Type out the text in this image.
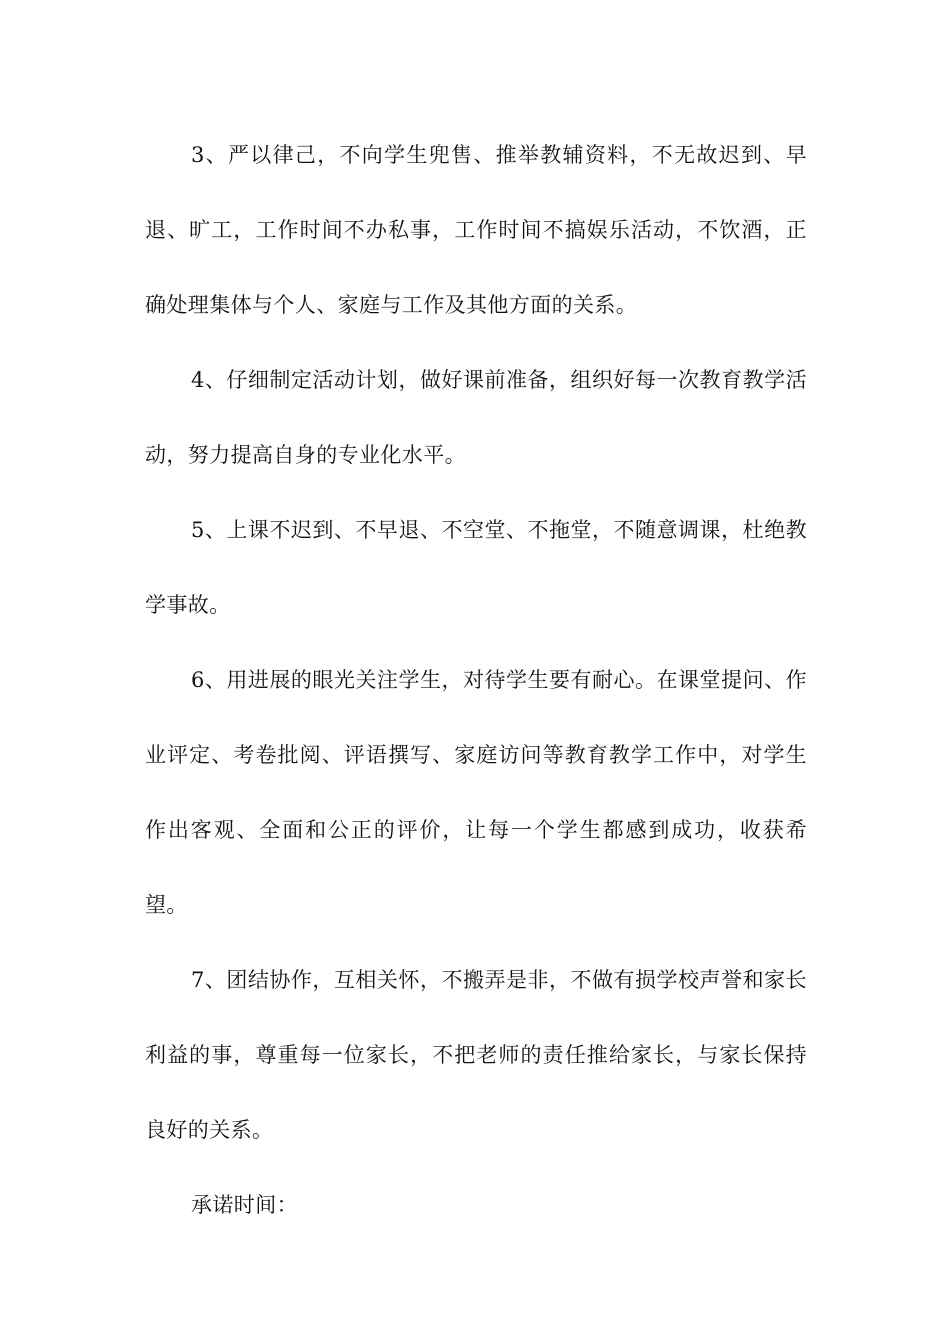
3、严以律己，不向学生兜售、推举教辅资料，不无故迟到、早退、旷工，工作时间不办私事，工作时间不搞娱乐活动，不饮酒，正确处理集体与个人、家庭与工作及其他方面的关系。

4、仔细制定活动计划，做好课前准备，组织好每一次教育教学活动，努力提高自身的专业化水平。

5、上课不迟到、不早退、不空堂、不拖堂，不随意调课，杜绝教学事故。

6、用进展的眼光关注学生，对待学生要有耐心。在课堂提问、作业评定、考卷批阅、评语撰写、家庭访问等教育教学工作中，对学生作出客观、全面和公正的评价，让每一个学生都感到成功，收获希望。

7、团结协作，互相关怀，不搬弄是非，不做有损学校声誉和家长利益的事，尊重每一位家长，不把老师的责任推给家长，与家长保持良好的关系。

承诺时间：
